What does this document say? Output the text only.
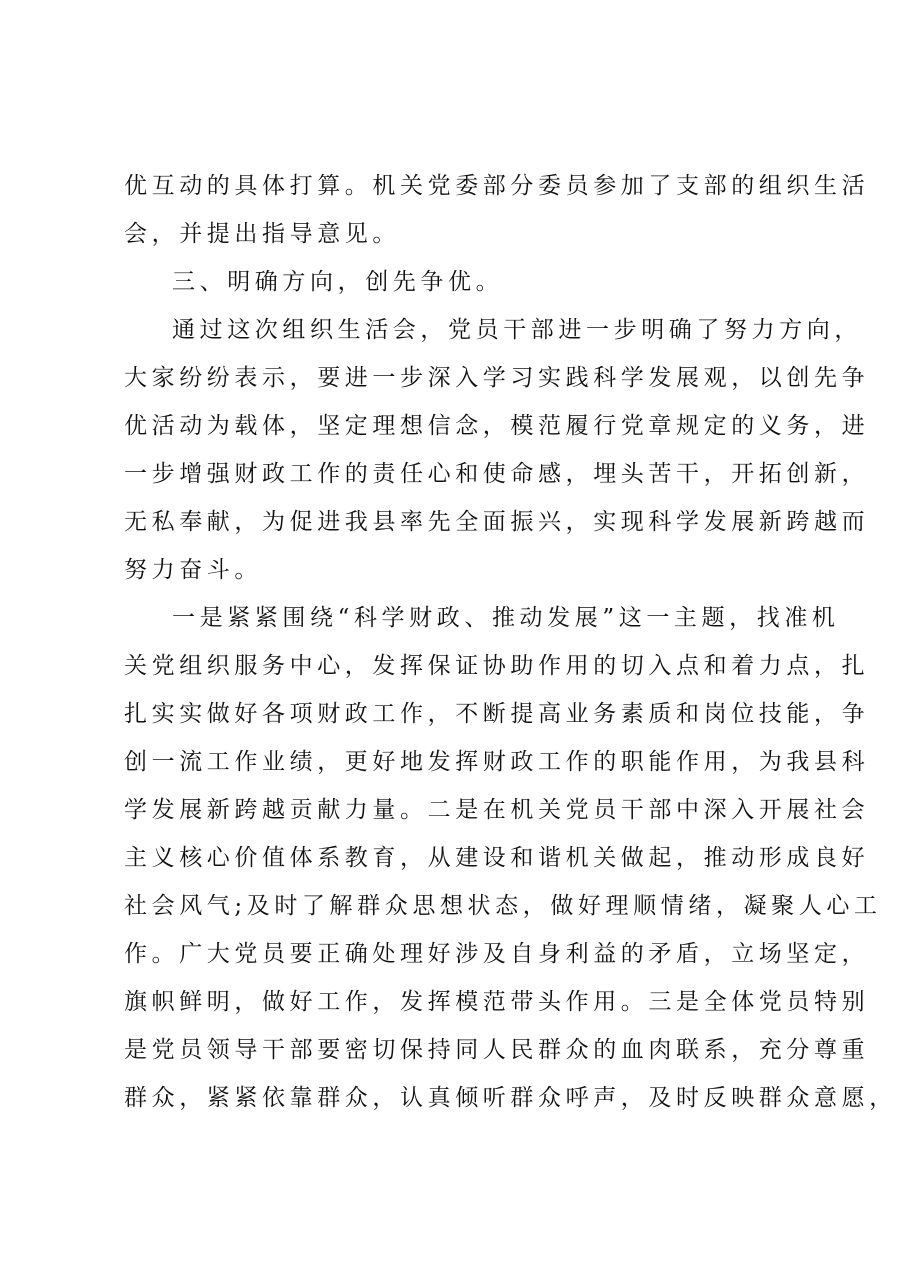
优互动的具体打算。机关党委部分委员参加了支部的组织生活
会，并提出指导意见。
三、明确方向，创先争优。
通过这次组织生活会，党员干部进一步明确了努力方向，
大家纷纷表示，要进一步深入学习实践科学发展观，以创先争
优活动为载体，坚定理想信念，模范履行党章规定的义务，进
一步增强财政工作的责任心和使命感，埋头苦干，开拓创新，
无私奉献，为促进我县率先全面振兴，实现科学发展新跨越而
努力奋斗。
一是紧紧围绕“科学财政、推动发展”这一主题，找准机
关党组织服务中心，发挥保证协助作用的切入点和着力点，扎
扎实实做好各项财政工作，不断提高业务素质和岗位技能，争
创一流工作业绩，更好地发挥财政工作的职能作用，为我县科
学发展新跨越贡献力量。二是在机关党员干部中深入开展社会
主义核心价值体系教育，从建设和谐机关做起，推动形成良好
社会风气;及时了解群众思想状态，做好理顺情绪，凝聚人心工
作。广大党员要正确处理好涉及自身利益的矛盾，立场坚定，
旗帜鲜明，做好工作，发挥模范带头作用。三是全体党员特别
是党员领导干部要密切保持同人民群众的血肉联系，充分尊重
群众，紧紧依靠群众，认真倾听群众呼声，及时反映群众意愿，
